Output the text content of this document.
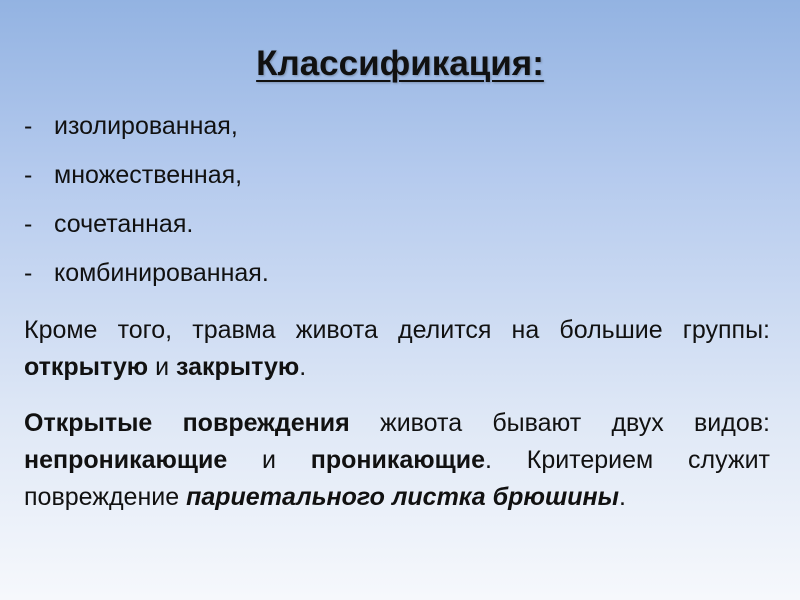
Классификация:
- изолированная,
- множественная,
- сочетанная.
- комбинированная.

Кроме того, травма живота делится на большие группы: открытую и закрытую.

Открытые повреждения живота бывают двух видов: непроникающие и проникающие. Критерием служит повреждение париетального листка брюшины.
